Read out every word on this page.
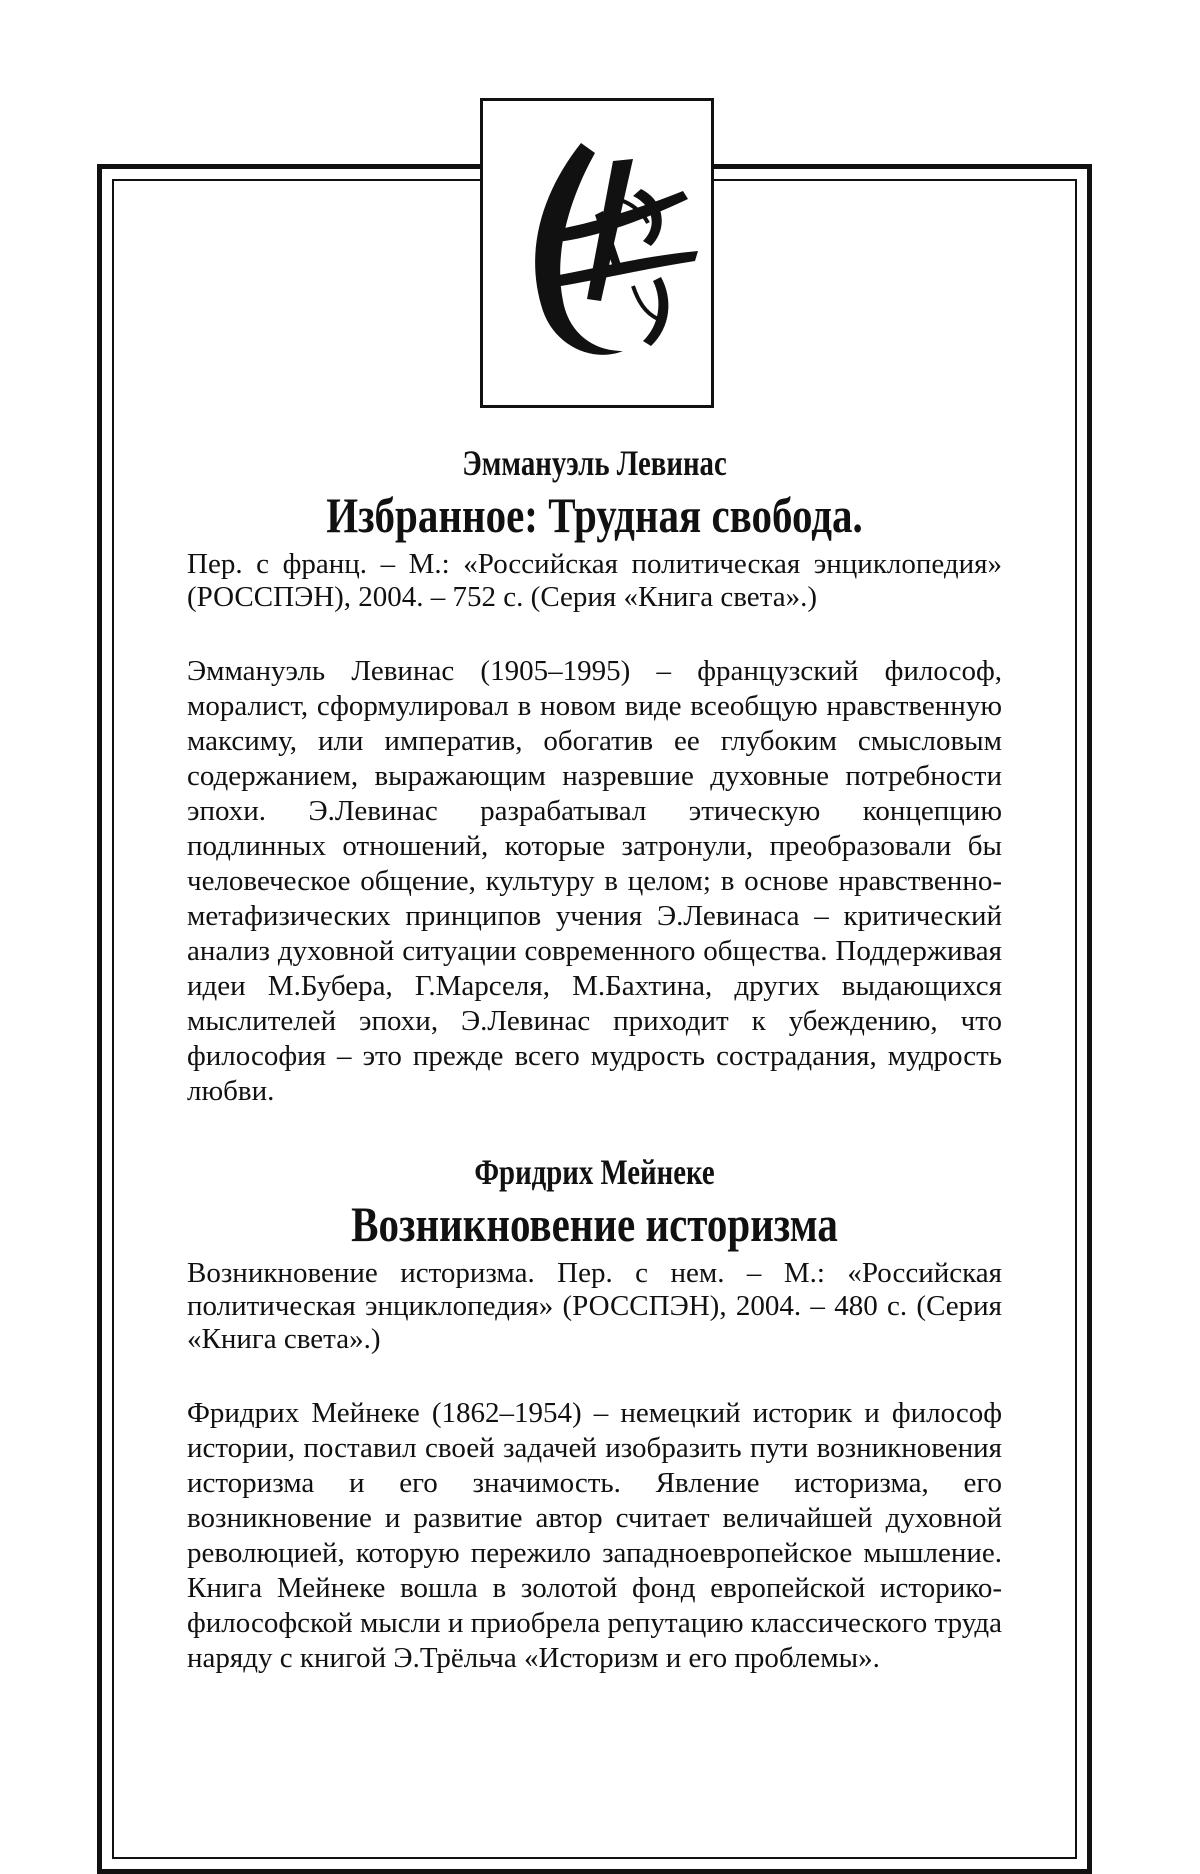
Эммануэль Левинас

Избранное: Трудная свобода.

Пер. с франц. – М.: «Российская политическая энциклопедия» (РОССПЭН), 2004. – 752 с. (Серия «Книга света».)

Эммануэль Левинас (1905–1995) – французский философ, моралист, сформулировал в новом виде всеобщую нравственную максиму, или императив, обогатив ее глубоким смысловым содержанием, выражающим назревшие духовные потребности эпохи. Э.Левинас разрабатывал этическую концепцию подлинных отношений, которые затронули, преобразовали бы человеческое общение, культуру в целом; в основе нравственно-метафизических принципов учения Э.Левинаса – критический анализ духовной ситуации современного общества. Поддерживая идеи М.Бубера, Г.Марселя, М.Бахтина, других выдающихся мыслителей эпохи, Э.Левинас приходит к убеждению, что философия – это прежде всего мудрость сострадания, мудрость любви.

Фридрих Мейнеке

Возникновение историзма

Возникновение историзма. Пер. с нем. – М.: «Российская политическая энциклопедия» (РОССПЭН), 2004. – 480 с. (Серия «Книга света».)

Фридрих Мейнеке (1862–1954) – немецкий историк и философ истории, поставил своей задачей изобразить пути возникновения историзма и его значимость. Явление историзма, его возникновение и развитие автор считает величайшей духовной революцией, которую пережило западноевропейское мышление. Книга Мейнеке вошла в золотой фонд европейской историко-философской мысли и приобрела репутацию классического труда наряду с книгой Э.Трёльча «Историзм и его проблемы».
